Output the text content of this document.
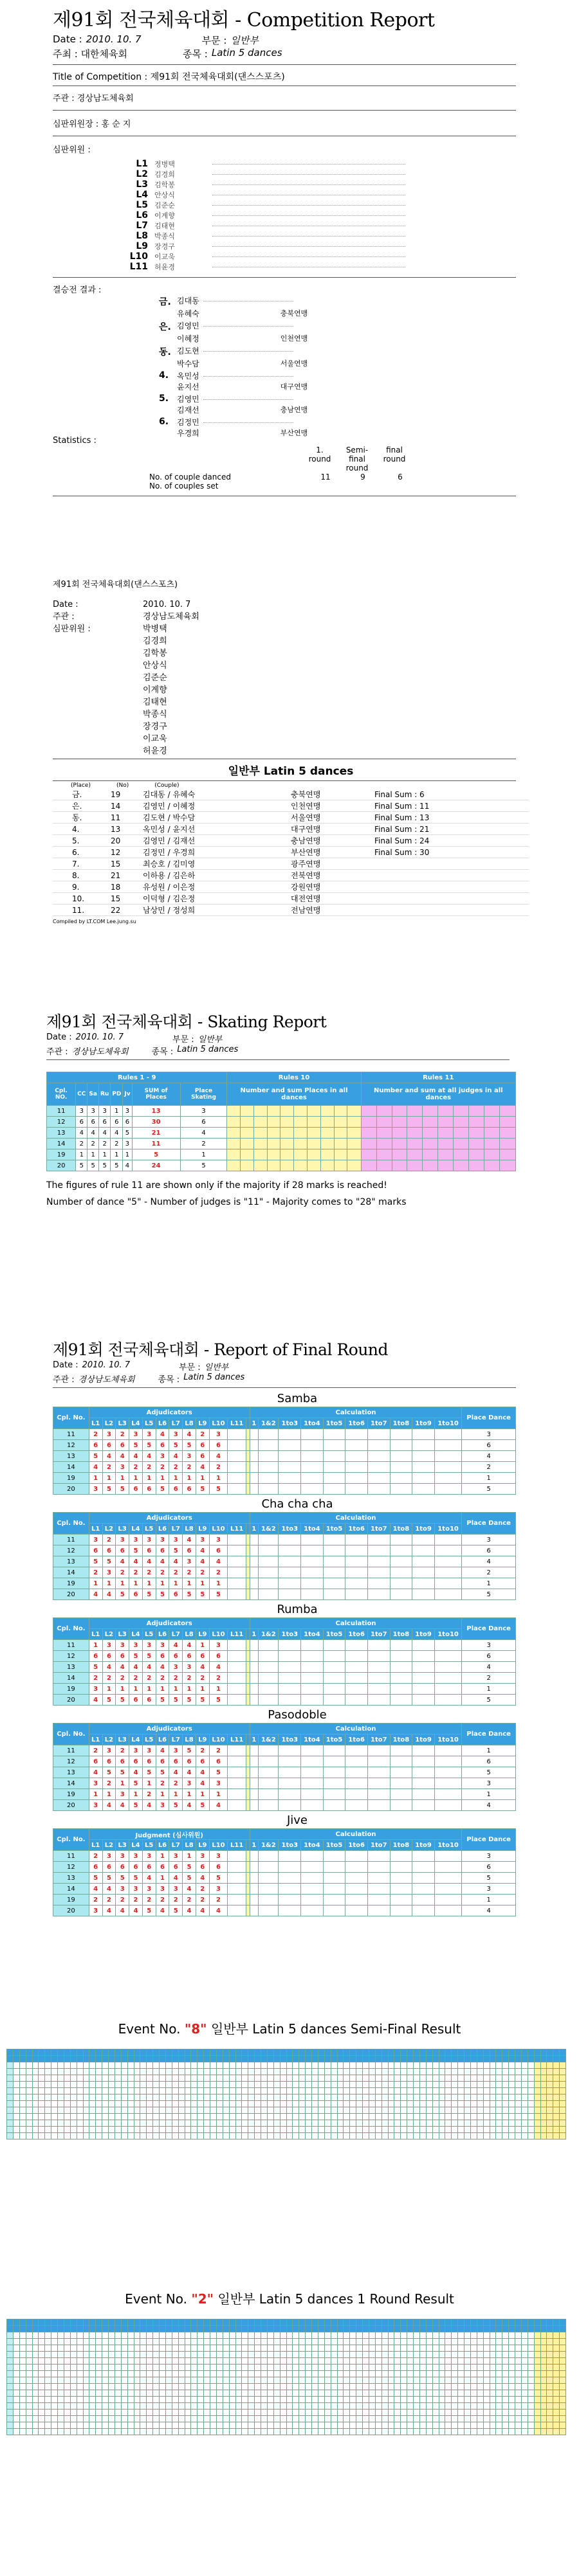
제91회 전국체육대회 - Competition Report
Date : 2010. 10. 7	부문 : 일반부
주최 : 대한체육회	종목 : Latin 5 dances
Title of Competition : 제91회 전국체육대회(댄스스포츠)
주관 : 경상남도체육회
심판위원장 : 홍 순 지
심판위원 :
L1 정병택
L2 김경희
L3 김학봉
L4 안상식
L5 김준순
L6 이계향
L7 김태현
L8 박종식
L9 장경구
L10 이교욱
L11 허윤경
결승전 결과 :
금. 김대동
유혜숙	충북연맹
은. 김영민
이혜정	인천연맹
동. 김도현
박수담	서울연맹
4.	옥민성
윤지선	대구연맹
5.	김영민
김재선	충남연맹
6.	김정민
우경희	부산연맹
Statistics :
1. round
Semi-final round
final round
No. of couple danced	11	9	6
No. of couples set
제91회 전국체육대회(댄스스포츠)
Date :	2010. 10. 7
주관 :	경상남도체육회
심판위원 :	박병택
김경희
김학봉
안상식
김준순
이계향
김태현
박종식
장경구
이교욱
허윤경
일반부 Latin 5 dances
(Place)	(No)	(Couple)
금.	19	김대동 / 유혜숙	충북연맹	Final Sum : 6
은.	14	김영민 / 이혜정	인천연맹	Final Sum : 11
동.	11	김도현 / 박수담	서울연맹	Final Sum : 13
4.	13	옥민성 / 윤지선	대구연맹	Final Sum : 21
5.	20	김영민 / 김재선	충남연맹	Final Sum : 24
6.	12	김정민 / 우경희	부산연맹	Final Sum : 30
7.	15	최승호 / 김미영	광주연맹
8.	21	이하용 / 김은하	전북연맹
9.	18	유성원 / 이은정	강원연맹
10.	15	이덕형 / 김은정	대전연맹
11.	22	남상민 / 정성희	전남연맹
Compiled by LT.COM Lee.jung.su
제91회 전국체육대회 - Skating Report
Date : 2010. 10. 7	부문 : 일반부
주관 : 경상남도체육회	종목 : Latin 5 dances
Rules 1 - 9								Rules 10										Rules 11									
Cpl. NO.	CC	Sa	Ru	PD	Jv	SUM of Places	Place Skating	Number and sum Places in all dances										Number and sum at all judges in all dances									
11	3	3	3	1	3	13	3																				
12	6	6	6	6	6	30	6																				
13	4	4	4	4	5	21	4																				
14	2	2	2	2	3	11	2																				
19	1	1	1	1	1	5	1																				
20	5	5	5	5	4	24	5																				
The figures of rule 11 are shown only if the majority if 28 marks is reached!
Number of dance "5" - Number of judges is "11" - Majority comes to "28" marks
제91회 전국체육대회 - Report of Final Round
Date : 2010. 10. 7	부문 : 일반부
주관 : 경상남도체육회	종목 : Latin 5 dances
Samba
Cpl. No.	Adjudicators												Calculation										Place Dance
	L1	L2	L3	L4	L5	L6	L7	L8	L9	L10	L11		1	1&2	1to3	1to4	1to5	1to6	1to7	1to8	1to9	1to10	
11	2	3	2	3	3	4	3	4	2	3													3
12	6	6	6	5	5	6	5	5	6	6													6
13	5	4	4	4	4	3	4	3	6	4													4
14	4	2	3	2	2	2	2	2	4	2													2
19	1	1	1	1	1	1	1	1	1	1													1
20	3	5	5	6	6	5	6	6	5	5													5
Cha cha cha
Cpl. No.	Adjudicators												Calculation										Place Dance
	L1	L2	L3	L4	L5	L6	L7	L8	L9	L10	L11		1	1&2	1to3	1to4	1to5	1to6	1to7	1to8	1to9	1to10	
11	3	2	3	3	3	3	3	4	3	3													3
12	6	6	6	5	6	6	5	6	4	6													6
13	5	5	4	4	4	4	4	3	4	4													4
14	2	3	2	2	2	2	2	2	2	2													2
19	1	1	1	1	1	1	1	1	1	1													1
20	4	4	5	6	5	5	6	5	5	5													5
Rumba
Cpl. No.	Adjudicators												Calculation										Place Dance
	L1	L2	L3	L4	L5	L6	L7	L8	L9	L10	L11		1	1&2	1to3	1to4	1to5	1to6	1to7	1to8	1to9	1to10	
11	1	3	3	3	3	3	4	4	1	3													3
12	6	6	6	5	5	6	6	6	6	6													6
13	5	4	4	4	4	4	3	3	4	4													4
14	2	2	2	2	2	2	2	2	2	2													2
19	3	1	1	1	1	1	1	1	1	1													1
20	4	5	5	6	6	5	5	5	5	5													5
Pasodoble
Cpl. No.	Adjudicators												Calculation										Place Dance
	L1	L2	L3	L4	L5	L6	L7	L8	L9	L10	L11		1	1&2	1to3	1to4	1to5	1to6	1to7	1to8	1to9	1to10	
11	2	3	2	3	3	4	3	5	2	2													1
12	6	6	6	6	6	6	6	6	6	6													6
13	4	5	5	4	5	5	4	4	4	5													5
14	3	2	1	5	1	2	2	3	4	3													3
19	1	1	3	1	2	1	1	1	1	1													1
20	3	4	4	5	4	3	5	4	5	4													4
Jive
Cpl. No.	Judgment (심사위원)												Calculation										Place Dance
	L1	L2	L3	L4	L5	L6	L7	L8	L9	L10	L11		1	1&2	1to3	1to4	1to5	1to6	1to7	1to8	1to9	1to10	
11	2	3	3	3	3	1	3	1	3	3													3
12	6	6	6	6	6	6	6	5	6	6													6
13	5	5	5	5	4	1	4	5	4	5													5
14	4	4	3	3	3	3	3	4	2	3													3
19	2	2	2	2	2	2	2	2	2	2													1
20	3	4	4	4	5	4	5	4	4	4													4
Event No. "8" 일반부 Latin 5 dances Semi-Final Result

Event No. "2" 일반부 Latin 5 dances 1 Round Result
